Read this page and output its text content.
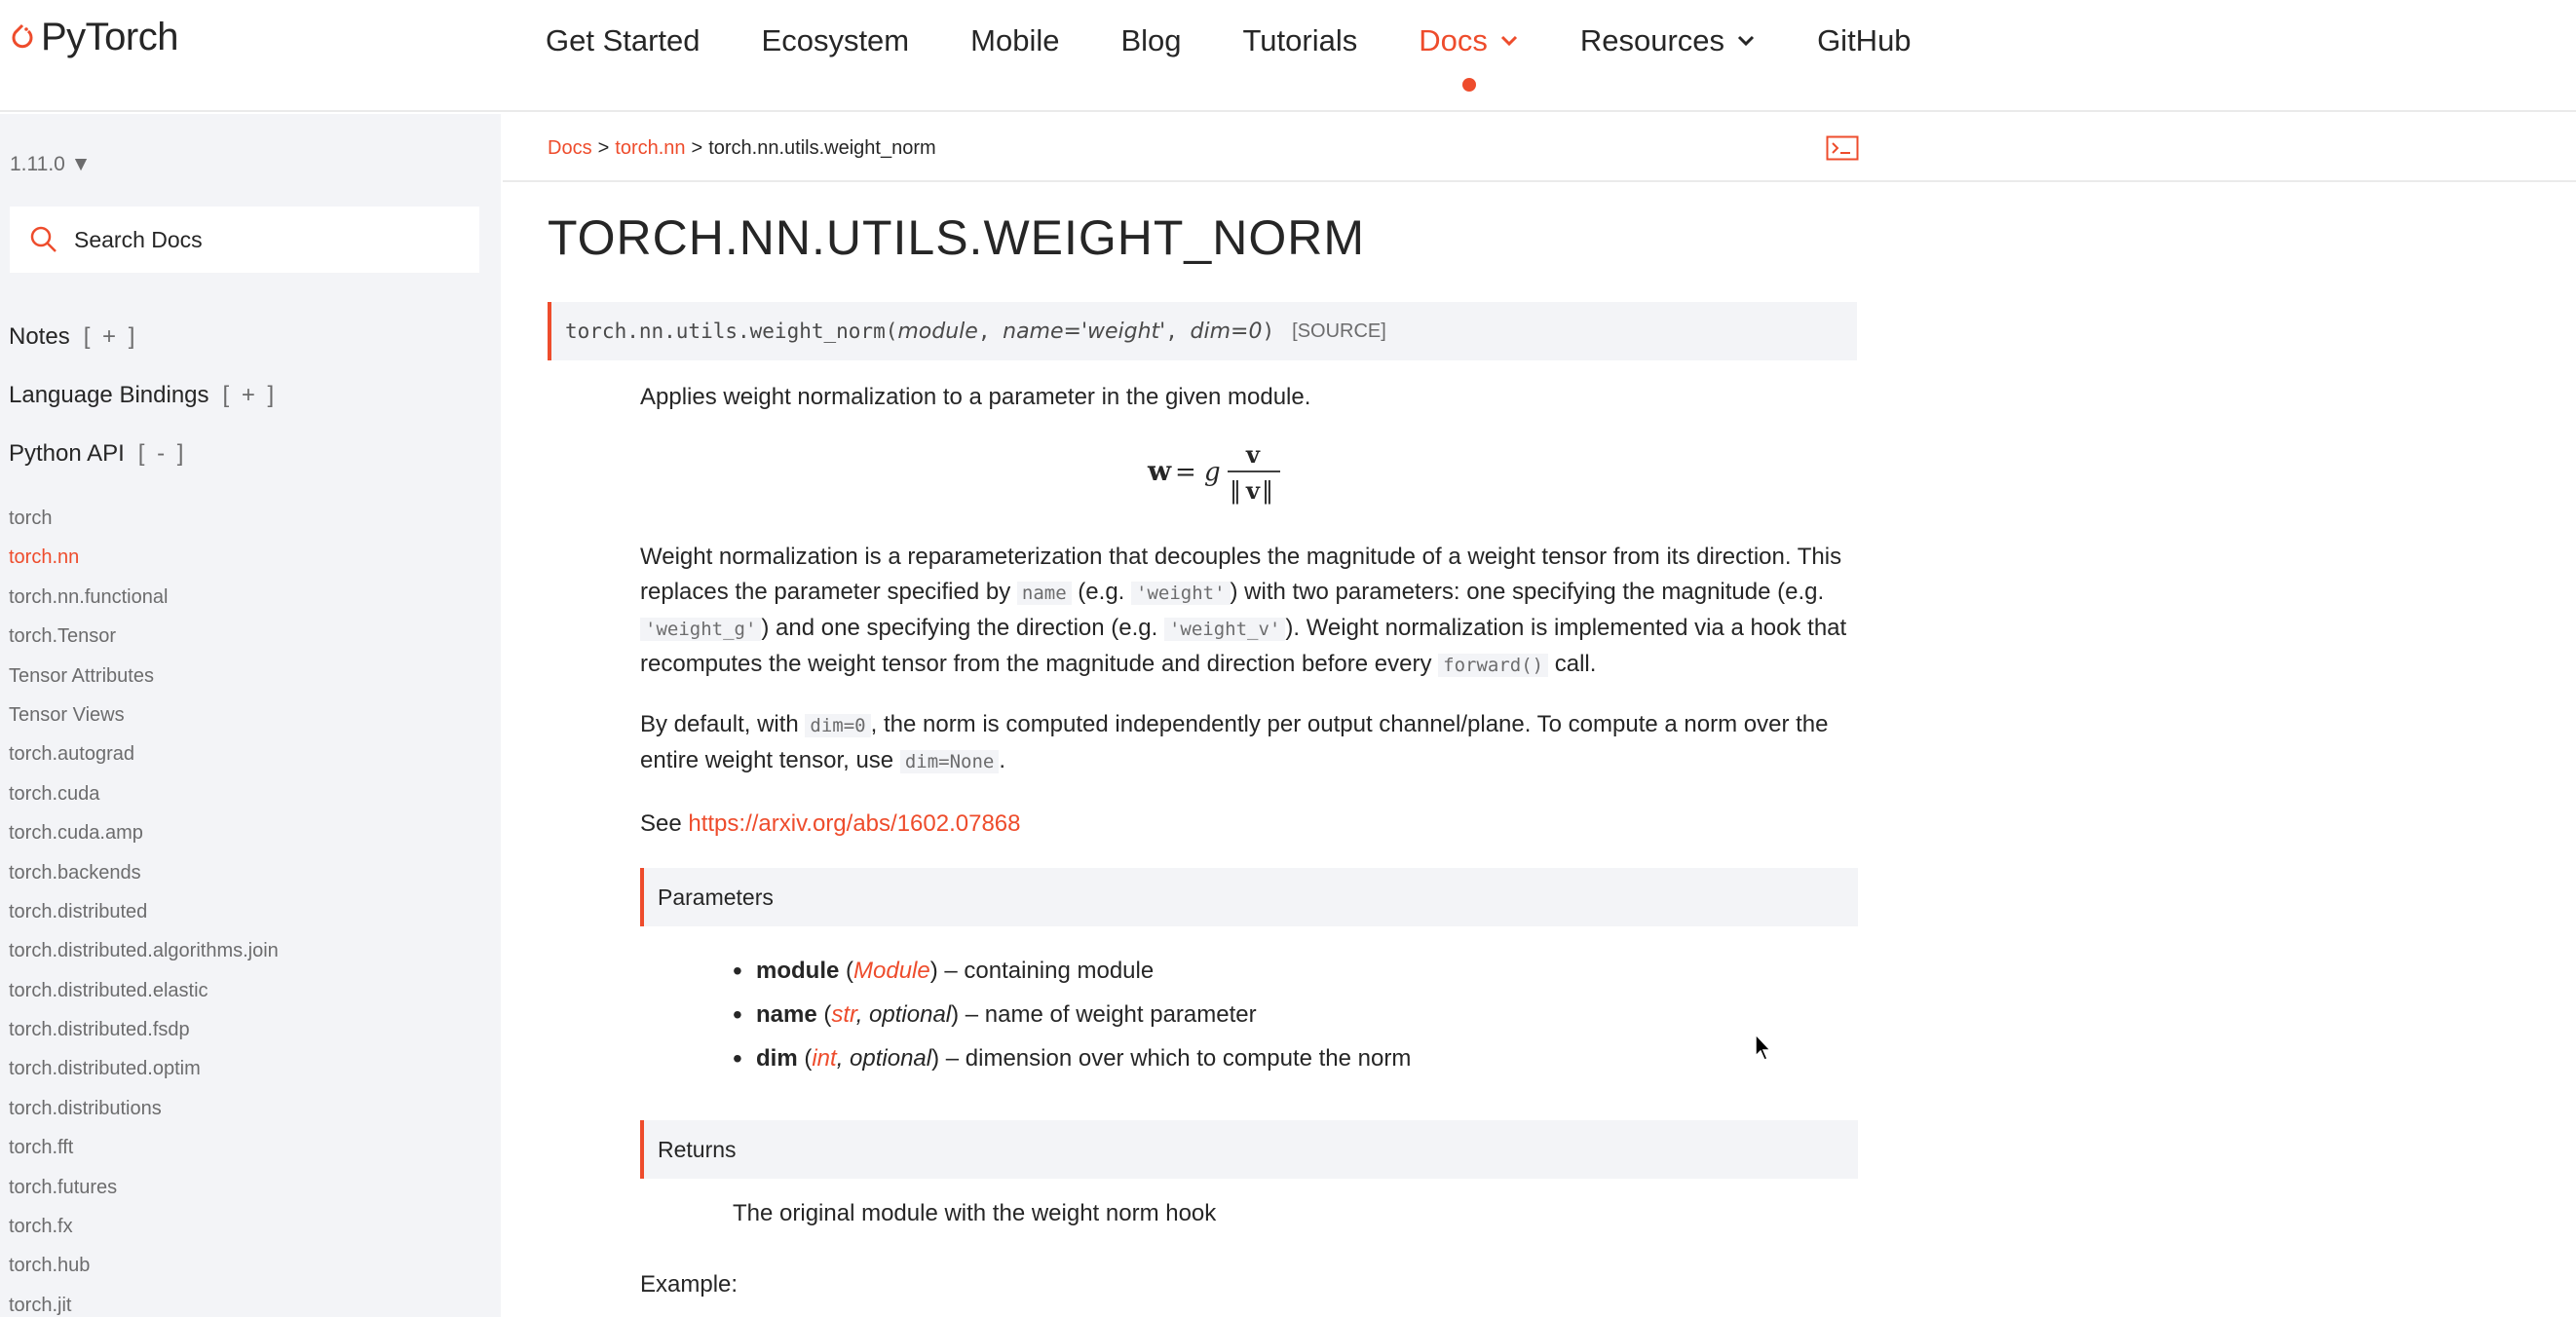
PyTorch	Get Started Ecosystem Mobile Blog Tutorials Docs	Resources	GitHub
1.11.0 ▼
Search Docs
Notes [ + ]
Language Bindings [ + ]
Python API [ - ]
torch
torch.nn
torch.nn.functional
torch.Tensor
Tensor Attributes
Tensor Views
torch.autograd
torch.cuda
torch.cuda.amp
torch.backends
torch.distributed
torch.distributed.algorithms.join
torch.distributed.elastic
torch.distributed.fsdp
torch.distributed.optim
torch.distributions
torch.fft
torch.futures
torch.fx
torch.hub
torch.jit
Docs > torch.nn > torch.nn.utils.weight_norm
TORCH.NN.UTILS.WEIGHT_NORM
torch.nn.utils.weight_norm(module, name='weight', dim=0) [SOURCE]
Applies weight normalization to a parameter in the given module.
w = g
v
‖ v ‖
Weight normalization is a reparameterization that decouples the magnitude of a weight tensor from its direction. This replaces the parameter specified by name (e.g. 'weight' ) with two parameters: one specifying the magnitude (e.g. 'weight_g' ) and one specifying the direction (e.g. 'weight_v' ). Weight normalization is implemented via a hook that recomputes the weight tensor from the magnitude and direction before every forward() call.
By default, with dim=0 , the norm is computed independently per output channel/plane. To compute a norm over the entire weight tensor, use dim=None .
See https://arxiv.org/abs/1602.07868
Parameters
• module (Module) – containing module
• name (str, optional) – name of weight parameter
• dim (int, optional) – dimension over which to compute the norm
Returns
The original module with the weight norm hook
Example:
